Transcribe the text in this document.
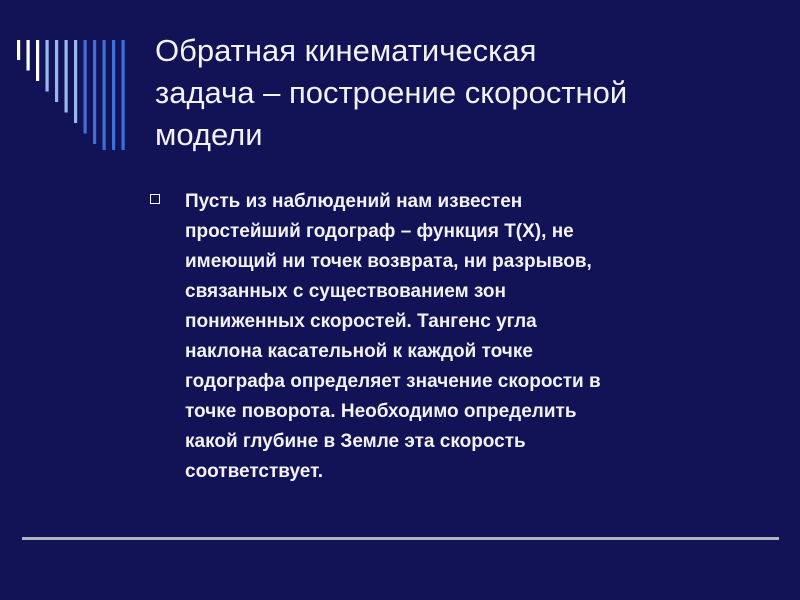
Обратная кинематическая
задача – построение скоростной
модели

Пусть из наблюдений нам известен
простейший годограф – функция T(X), не
имеющий ни точек возврата, ни разрывов,
связанных с существованием зон
пониженных скоростей. Тангенс угла
наклона касательной к каждой точке
годографа определяет значение скорости в
точке поворота. Необходимо определить
какой глубине в Земле эта скорость
соответствует.
